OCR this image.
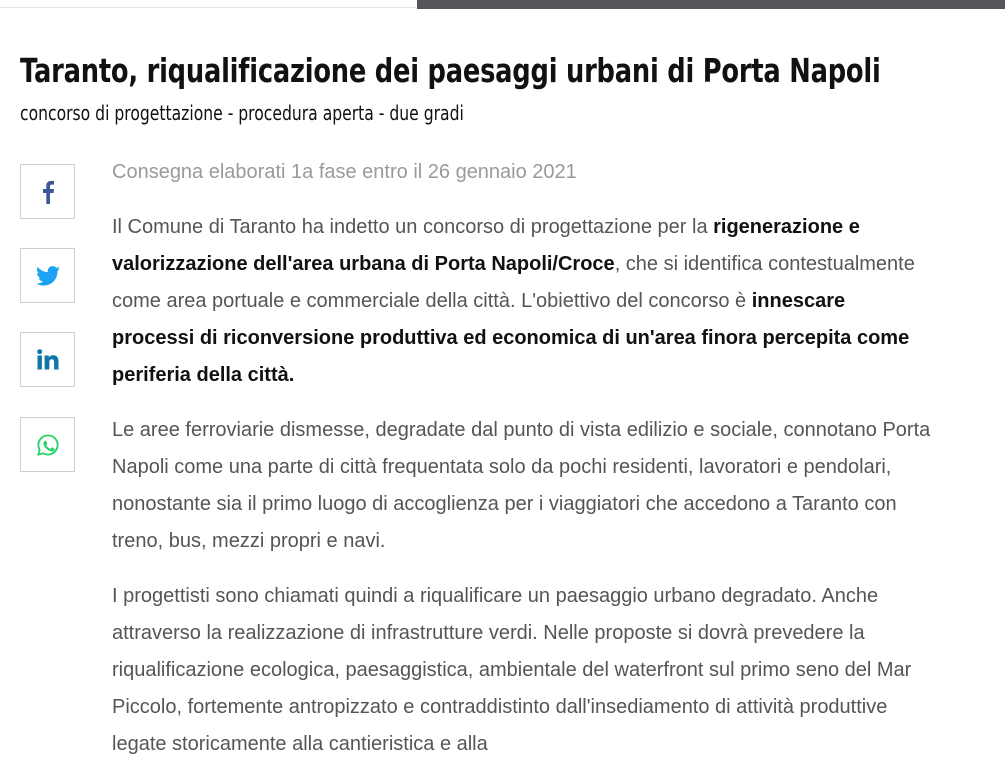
Taranto, riqualificazione dei paesaggi urbani di Porta Napoli
concorso di progettazione - procedura aperta - due gradi

Consegna elaborati 1a fase entro il 26 gennaio 2021

Il Comune di Taranto ha indetto un concorso di progettazione per la rigenerazione e valorizzazione dell'area urbana di Porta Napoli/Croce, che si identifica contestualmente come area portuale e commerciale della città. L'obiettivo del concorso è innescare processi di riconversione produttiva ed economica di un'area finora percepita come periferia della città.

Le aree ferroviarie dismesse, degradate dal punto di vista edilizio e sociale, connotano Porta Napoli come una parte di città frequentata solo da pochi residenti, lavoratori e pendolari, nonostante sia il primo luogo di accoglienza per i viaggiatori che accedono a Taranto con treno, bus, mezzi propri e navi.

I progettisti sono chiamati quindi a riqualificare un paesaggio urbano degradato. Anche attraverso la realizzazione di infrastrutture verdi. Nelle proposte si dovrà prevedere la riqualificazione ecologica, paesaggistica, ambientale del waterfront sul primo seno del Mar Piccolo, fortemente antropizzato e contraddistinto dall'insediamento di attività produttive legate storicamente alla cantieristica e alla
